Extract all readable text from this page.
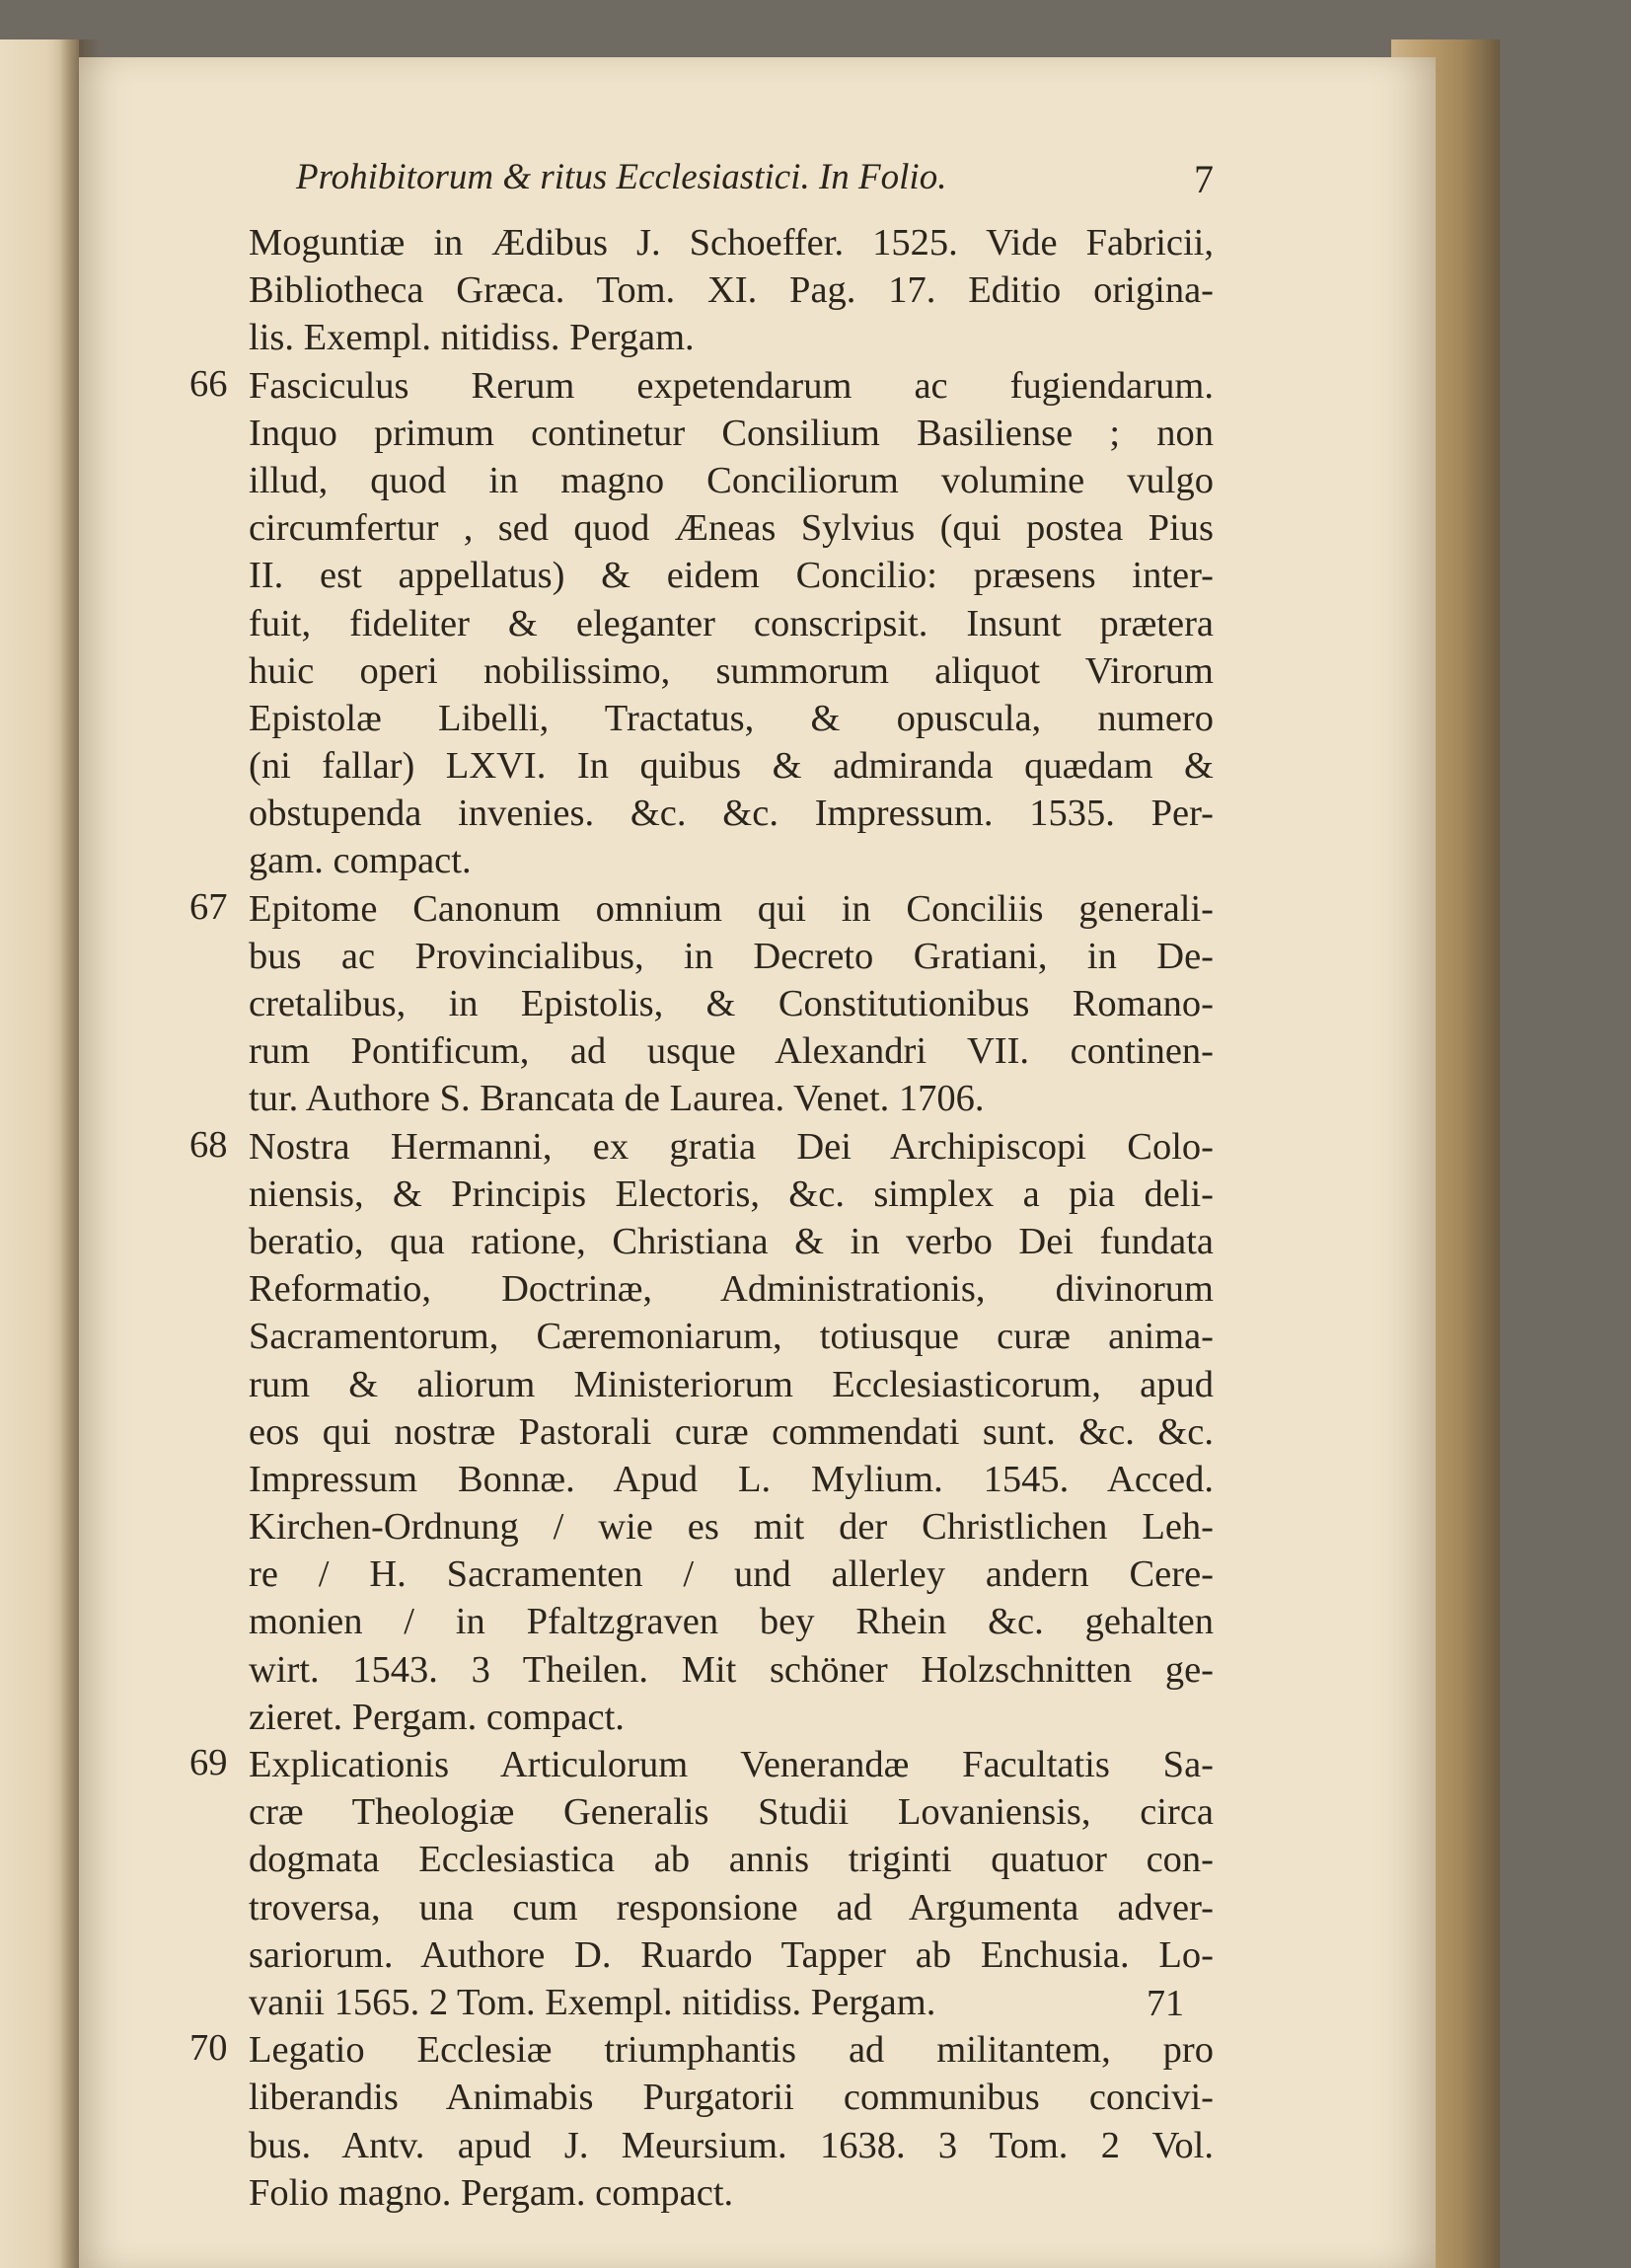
Prohibitorum & ritus Ecclesiastici. In Folio.	7
Moguntiæ in Ædibus J. Schoeffer. 1525. Vide Fabricii,
Bibliotheca Græca. Tom. XI. Pag. 17. Editio origina-
lis. Exempl. nitidiss. Pergam.
66 Fasciculus Rerum expetendarum ac fugiendarum.
Inquo primum continetur Consilium Basiliense ; non
illud, quod in magno Conciliorum volumine vulgo
circumfertur , sed quod Æneas Sylvius (qui postea Pius
II. est appellatus) & eidem Concilio: præsens inter-
fuit, fideliter & eleganter conscripsit. Insunt prætera
huic operi nobilissimo, summorum aliquot Virorum
Epistolæ Libelli, Tractatus, & opuscula, numero
(ni fallar) LXVI. In quibus & admiranda quædam &
obstupenda invenies. &c. &c. Impressum. 1535. Per-
gam. compact.
67 Epitome Canonum omnium qui in Conciliis generali-
bus ac Provincialibus, in Decreto Gratiani, in De-
cretalibus, in Epistolis, & Constitutionibus Romano-
rum Pontificum, ad usque Alexandri VII. continen-
tur. Authore S. Brancata de Laurea. Venet. 1706.
68 Nostra Hermanni, ex gratia Dei Archipiscopi Colo-
niensis, & Principis Electoris, &c. simplex a pia deli-
beratio, qua ratione, Christiana & in verbo Dei fundata
Reformatio, Doctrinæ, Administrationis, divinorum
Sacramentorum, Cæremoniarum, totiusque curæ anima-
rum & aliorum Ministeriorum Ecclesiasticorum, apud
eos qui nostræ Pastorali curæ commendati sunt. &c. &c.
Impressum Bonnæ. Apud L. Mylium. 1545. Acced.
Kirchen-Ordnung / wie es mit der Christlichen Leh-
re / H. Sacramenten / und allerley andern Cere-
monien / in Pfaltzgraven bey Rhein &c. gehalten
wirt. 1543. 3 Theilen. Mit schöner Holzschnitten ge-
zieret. Pergam. compact.
69 Explicationis Articulorum Venerandæ Facultatis Sa-
cræ Theologiæ Generalis Studii Lovaniensis, circa
dogmata Ecclesiastica ab annis triginti quatuor con-
troversa, una cum responsione ad Argumenta adver-
sariorum. Authore D. Ruardo Tapper ab Enchusia. Lo-
vanii 1565. 2 Tom. Exempl. nitidiss. Pergam.
70 Legatio Ecclesiæ triumphantis ad militantem, pro
liberandis Animabis Purgatorii communibus concivi-
bus. Antv. apud J. Meursium. 1638. 3 Tom. 2 Vol.
Folio magno. Pergam. compact.
71
